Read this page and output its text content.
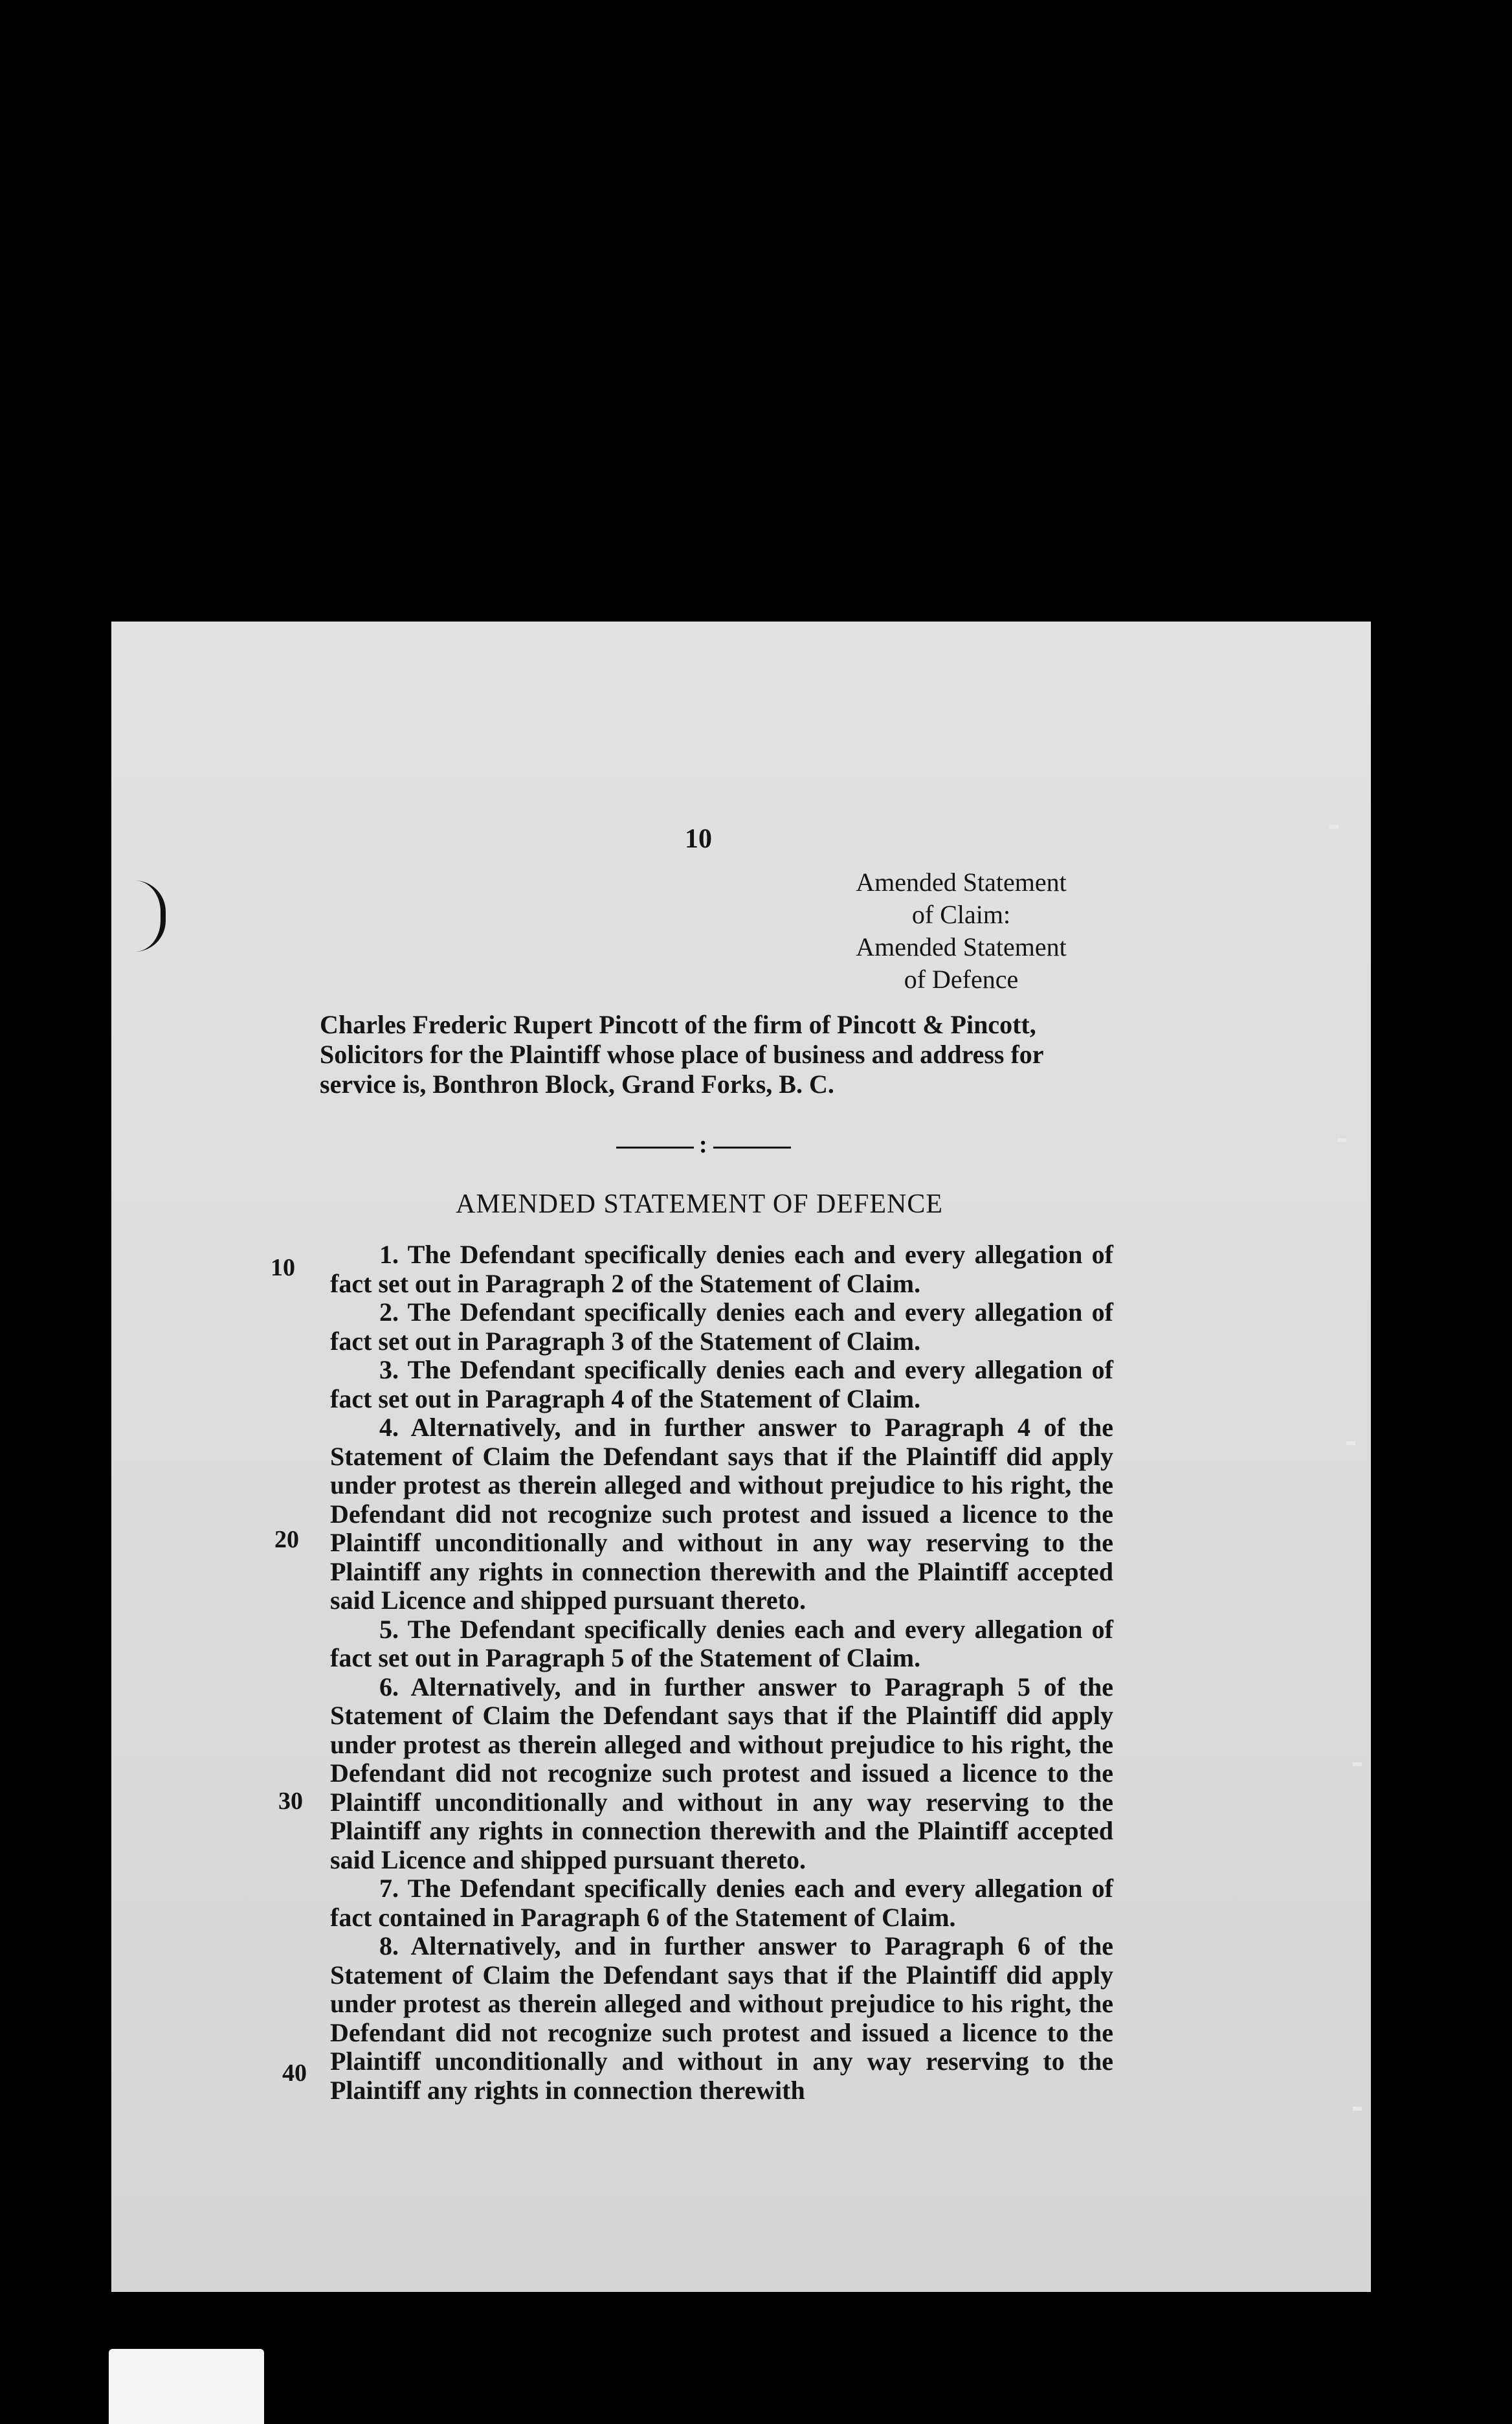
10
Amended Statement
of Claim:
Amended Statement
of Defence
Charles Frederic Rupert Pincott of the firm of Pincott & Pincott, Solicitors for the Plaintiff whose place of business and address for service is, Bonthron Block, Grand Forks, B. C.
:
AMENDED STATEMENT OF DEFENCE

1. The Defendant specifically denies each and every allegation of fact set out in Paragraph 2 of the Statement of Claim.

2. The Defendant specifically denies each and every allegation of fact set out in Paragraph 3 of the Statement of Claim.

3. The Defendant specifically denies each and every allegation of fact set out in Paragraph 4 of the Statement of Claim.

4. Alternatively, and in further answer to Paragraph 4 of the Statement of Claim the Defendant says that if the Plaintiff did apply under protest as therein alleged and without prejudice to his right, the Defendant did not recognize such protest and issued a licence to the Plaintiff unconditionally and without in any way reserving to the Plaintiff any rights in connection therewith and the Plaintiff accepted said Licence and shipped pursuant thereto.

5. The Defendant specifically denies each and every allegation of fact set out in Paragraph 5 of the Statement of Claim.

6. Alternatively, and in further answer to Paragraph 5 of the Statement of Claim the Defendant says that if the Plaintiff did apply under protest as therein alleged and without prejudice to his right, the Defendant did not recognize such protest and issued a licence to the Plaintiff unconditionally and without in any way reserving to the Plaintiff any rights in connection therewith and the Plaintiff accepted said Licence and shipped pursuant thereto.

7. The Defendant specifically denies each and every allegation of fact contained in Paragraph 6 of the Statement of Claim.

8. Alternatively, and in further answer to Paragraph 6 of the Statement of Claim the Defendant says that if the Plaintiff did apply under protest as therein alleged and without prejudice to his right, the Defendant did not recognize such protest and issued a licence to the Plaintiff unconditionally and without in any way reserving to the Plaintiff any rights in connection therewith

10
20
30
40
